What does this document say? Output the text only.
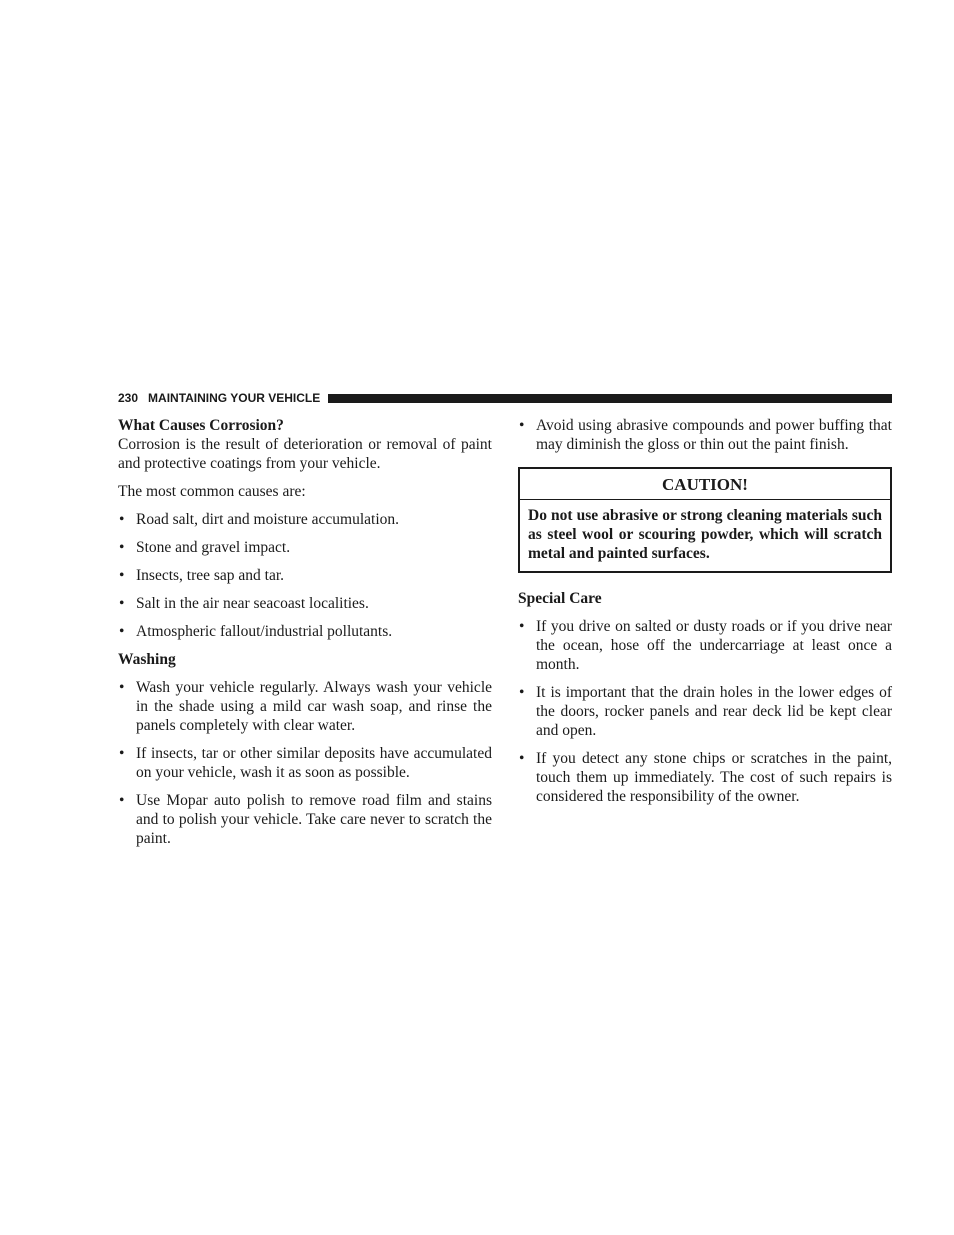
230 MAINTAINING YOUR VEHICLE
What Causes Corrosion?

Corrosion is the result of deterioration or removal of paint and protective coatings from your vehicle.

The most common causes are:

• Road salt, dirt and moisture accumulation.
• Stone and gravel impact.
• Insects, tree sap and tar.
• Salt in the air near seacoast localities.
• Atmospheric fallout/industrial pollutants.
Washing
• Wash your vehicle regularly. Always wash your vehicle in the shade using a mild car wash soap, and rinse the panels completely with clear water.
• If insects, tar or other similar deposits have accumulated on your vehicle, wash it as soon as possible.
• Use Mopar auto polish to remove road film and stains and to polish your vehicle. Take care never to scratch the paint.
• Avoid using abrasive compounds and power buffing that may diminish the gloss or thin out the paint finish.
CAUTION!
Do not use abrasive or strong cleaning materials such as steel wool or scouring powder, which will scratch metal and painted surfaces.
Special Care
• If you drive on salted or dusty roads or if you drive near the ocean, hose off the undercarriage at least once a month.
• It is important that the drain holes in the lower edges of the doors, rocker panels and rear deck lid be kept clear and open.
• If you detect any stone chips or scratches in the paint, touch them up immediately. The cost of such repairs is considered the responsibility of the owner.
